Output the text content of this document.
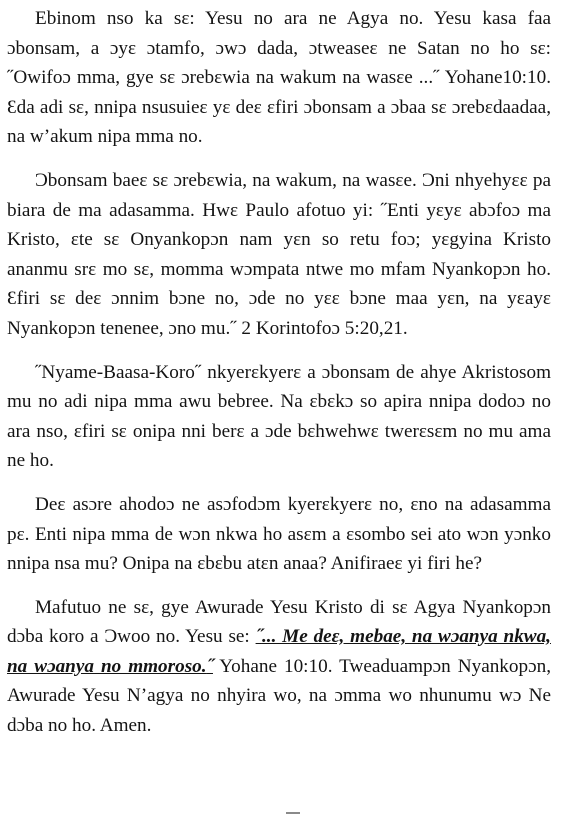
Ebinom nso ka sɛ: Yesu no ara ne Agya no. Yesu kasa faa ɔbonsam, a ɔyɛ ɔtamfo, ɔwɔ dada, ɔtweaseɛ ne Satan no ho sɛ: ˝Owifoɔ mma, gye sɛ ɔrebɛwia na wakum na wasɛe ...˝ Yohane10:10. Ɛda adi sɛ, nnipa nsusuieɛ yɛ deɛ ɛfiri ɔbonsam a ɔbaa sɛ ɔrebɛdaadaa, na w’akum nipa mma no.

Ɔbonsam baeɛ sɛ ɔrebɛwia, na wakum, na wasɛe. Ɔni nhyehyɛɛ pa biara de ma adasamma. Hwɛ Paulo afotuo yi: ˝Enti yɛyɛ abɔfoɔ ma Kristo, ɛte sɛ Onyankopɔn nam yɛn so retu foɔ; yɛgyina Kristo ananmu srɛ mo sɛ, momma wɔmpata ntwe mo mfam Nyankopɔn ho. Ɛfiri sɛ deɛ ɔnnim bɔne no, ɔde no yɛɛ bɔne maa yɛn, na yɛayɛ Nyankopɔn tenenee, ɔno mu.˝ 2 Korintofoɔ 5:20,21.

˝Nyame-Baasa-Koro˝ nkyerɛkyerɛ a ɔbonsam de ahye Akristosom mu no adi nipa mma awu bebree. Na ɛbɛkɔ so apira nnipa dodoɔ no ara nso, ɛfiri sɛ onipa nni berɛ a ɔde bɛhwehwɛ twerɛsɛm no mu ama ne ho.

Deɛ asɔre ahodoɔ ne asɔfodɔm kyerɛkyerɛ no, ɛno na adasamma pɛ. Enti nipa mma de wɔn nkwa ho asɛm a ɛsombo sei ato wɔn yɔnko nnipa nsa mu? Onipa na ɛbɛbu atɛn anaa? Anifiraeɛ yi firi he?

Mafutuo ne sɛ, gye Awurade Yesu Kristo di sɛ Agya Nyankopɔn dɔba koro a Ɔwoo no. Yesu se: ˝... Me deɛ, mebae, na wɔanya nkwa, na wɔanya no mmoroso.˝ Yohane 10:10. Tweaduampɔn Nyankopɔn, Awurade Yesu N’agya no nhyira wo, na ɔmma wo nhunumu wɔ Ne dɔba no ho. Amen.
